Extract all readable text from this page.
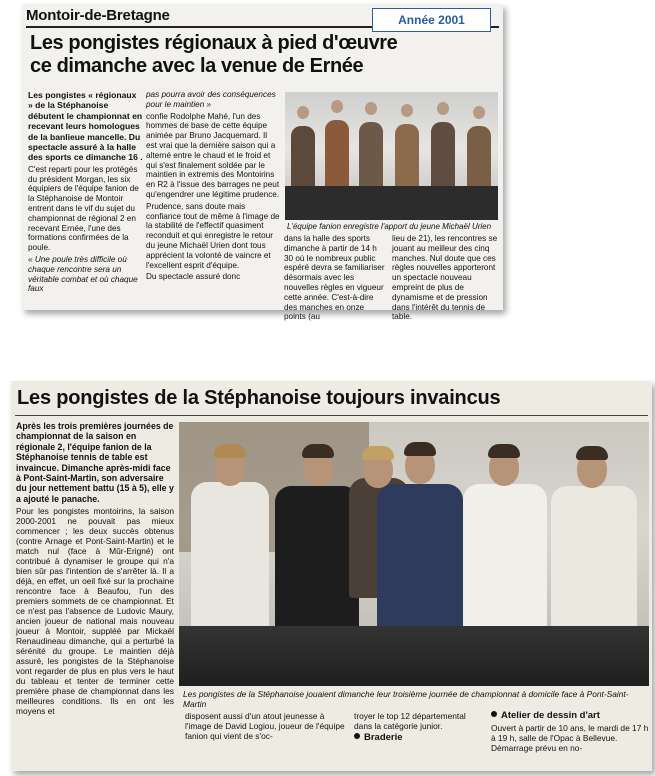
Montoir-de-Bretagne	Année 2001
Les pongistes régionaux à pied d'œuvre
ce dimanche avec la venue de Ernée

Les pongistes « régionaux » de la Stéphanoise débutent le championnat en recevant leurs homologues de la banlieue mancelle. Du spectacle assuré à la halle des sports ce dimanche 16 .

C'est reparti pour les protégés du président Morgan, les six équipiers de l'équipe fanion de la Stéphanoise de Montoir entrent dans le vif du sujet du championnat de régional 2 en recevant Ernée, l'une des formations confirmées de la poule.

« Une poule très difficile où chaque rencontre sera un véritable combat et où chaque faux

pas pourra avoir des conséquences pour le maintien »

confie Rodolphe Mahé, l'un des hommes de base de cette équipe animée par Bruno Jacquemard. Il est vrai que la dernière saison qui a alterné entre le chaud et le froid et qui s'est finalement soldée par le maintien in extremis des Montoirins en R2 à l'issue des barrages ne peut qu'engendrer une légitime prudence.

Prudence, sans doute mais confiance tout de même à l'image de la stabilité de l'effectif quasiment reconduit et qui enregistre le retour du jeune Michaël Urien dont tous apprécient la volonté de vaincre et l'excellent esprit d'équipe.

Du spectacle assuré donc

L'équipe fanion enregistre l'apport du jeune Michaël Urien

dans la halle des sports dimanche à partir de 14 h 30 où le nombreux public espéré devra se familiariser désormais avec les nouvelles règles en vigueur cette année. C'est-à-dire des manches en onze points (au

lieu de 21), les rencontres se jouant au meilleur des cinq manches. Nul doute que ces règles nouvelles apporteront un spectacle nouveau empreint de plus de dynamisme et de pression dans l'intérêt du tennis de table.

Les pongistes de la Stéphanoise toujours invaincus

Après les trois premières journées de championnat de la saison en régionale 2, l'équipe fanion de la Stéphanoise tennis de table est invaincue. Dimanche après-midi face à Pont-Saint-Martin, son adversaire du jour nettement battu (15 à 5), elle y a ajouté le panache.

Pour les pongistes montoirins, la saison 2000-2001 ne pouvait pas mieux commencer ; les deux succès obtenus (contre Arnage et Pont-Saint-Martin) et le match nul (face à Mûr-Erigné) ont contribué à dynamiser le groupe qui n'a bien sûr pas l'intention de s'arrêter là. Il a déjà, en effet, un oeil fixé sur la prochaine rencontre face à Beaufou, l'un des premiers sommets de ce championnat. Et ce n'est pas l'absence de Ludovic Maury, ancien joueur de national mais nouveau joueur à Montoir, suppléé par Mickaël Renaudineau dimanche, qui a perturbé la sérénité du groupe. Le maintien déjà assuré, les pongistes de la Stéphanoise vont regarder de plus en plus vers le haut du tableau et tenter de terminer cette première phase de championnat dans les meilleures conditions. Ils en ont les moyens et

Les pongistes de la Stéphanoise jouaient dimanche leur troisième journée de championnat à domicile face à Pont-Saint-Martin

disposent aussi d'un atout jeunesse à l'image de David Logiou, joueur de l'équipe fanion qui vient de s'oc-

troyer le top 12 départemental dans la catégorie junior.

Braderie

Atelier de dessin d'art

Ouvert à partir de 10 ans, le mardi de 17 h à 19 h, salle de l'Opac à Bellevue. Démarrage prévu en no-
